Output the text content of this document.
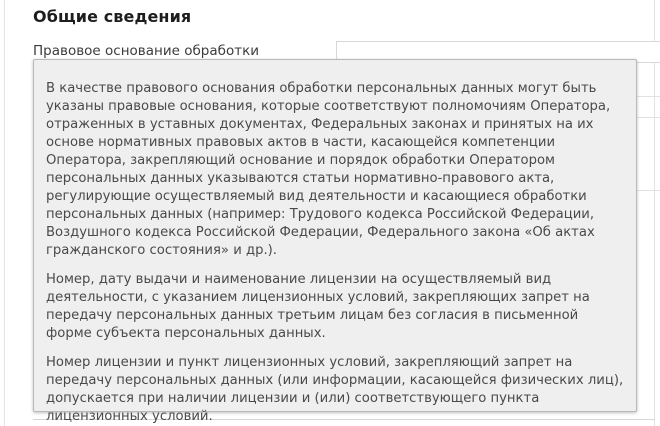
Общие сведения
Правовое основание обработки

В качестве правового основания обработки персональных данных могут быть указаны правовые основания, которые соответствуют полномочиям Оператора, отраженных в уставных документах, Федеральных законах и принятых на их основе нормативных правовых актов в части, касающейся компетенции Оператора, закрепляющий основание и порядок обработки Оператором персональных данных указываются статьи нормативно-правового акта, регулирующие осуществляемый вид деятельности и касающиеся обработки персональных данных (например: Трудового кодекса Российской Федерации, Воздушного кодекса Российской Федерации, Федерального закона «Об актах гражданского состояния» и др.).

Номер, дату выдачи и наименование лицензии на осуществляемый вид деятельности, с указанием лицензионных условий, закрепляющих запрет на передачу персональных данных третьим лицам без согласия в письменной форме субъекта персональных данных.

Номер лицензии и пункт лицензионных условий, закрепляющий запрет на передачу персональных данных (или информации, касающейся физических лиц), допускается при наличии лицензии и (или) соответствующего пункта лицензионных условий.
